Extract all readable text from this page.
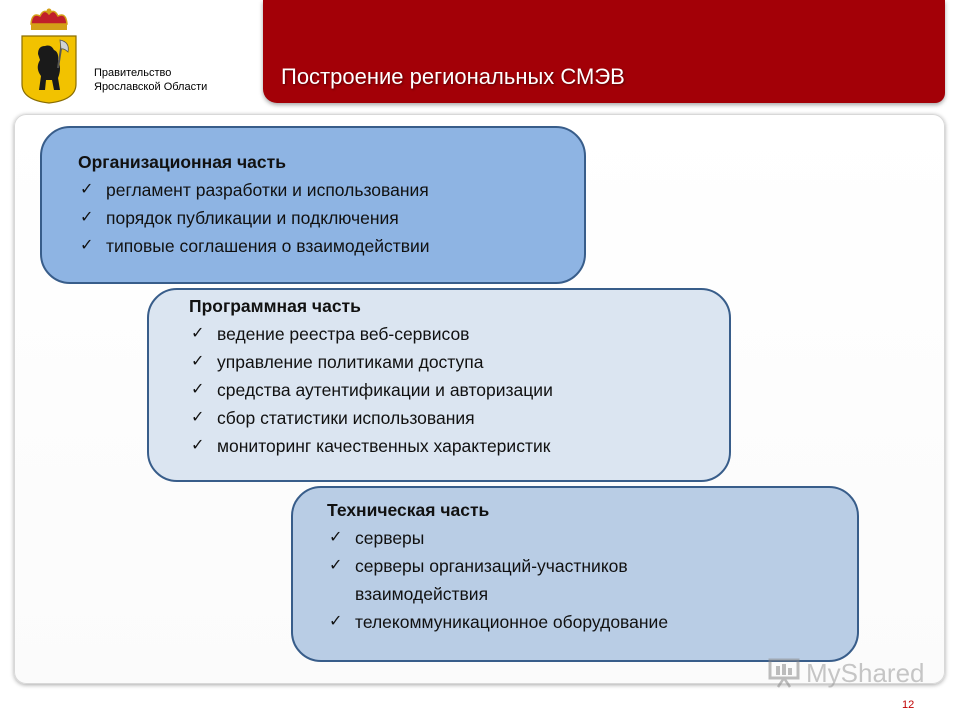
Правительство
Ярославской Области	Построение региональных СМЭВ
Организационная часть
✓ регламент разработки и использования
✓ порядок публикации и подключения
✓ типовые соглашения о взаимодействии
Программная часть
✓ ведение реестра веб-сервисов
✓ управление политиками доступа
✓ средства аутентификации и авторизации
✓ сбор статистики использования
✓ мониторинг качественных характеристик
Техническая часть
✓ серверы
✓ серверы организаций-участников взаимодействия
✓ телекоммуникационное оборудование
MyShared
12
